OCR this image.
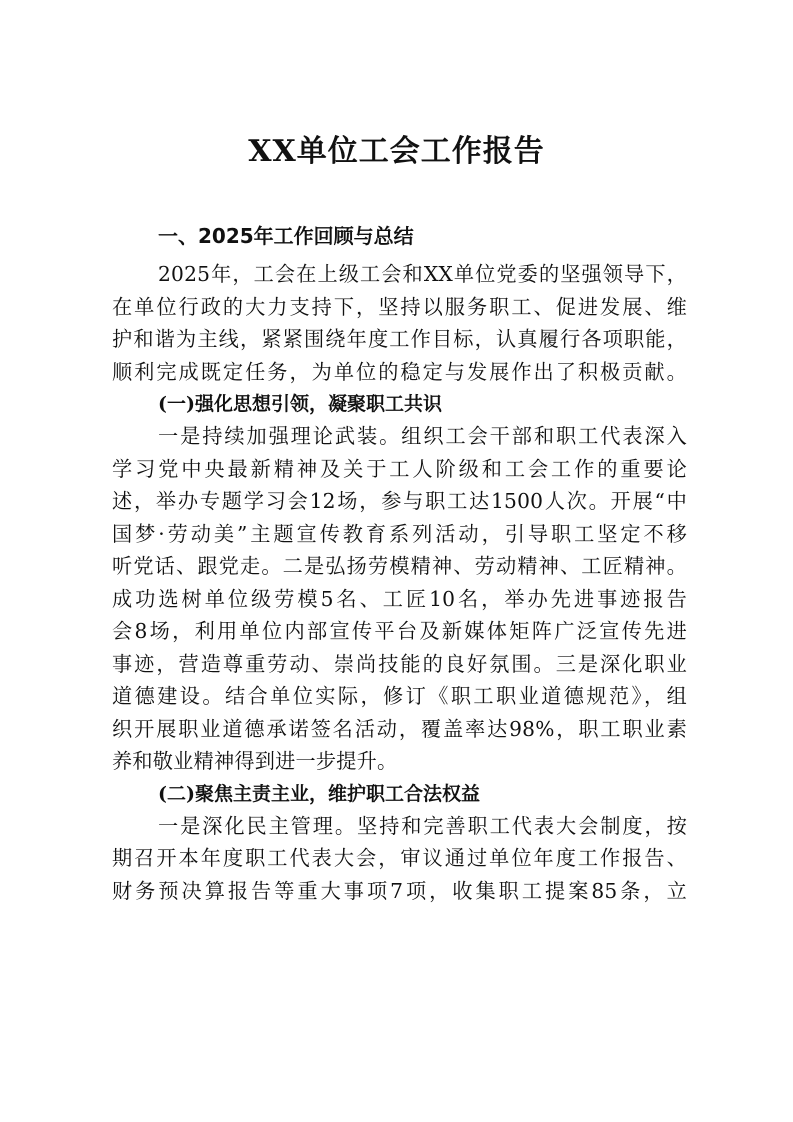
XX单位工会工作报告
一、2025年工作回顾与总结
2025年，工会在上级工会和XX单位党委的坚强领导下，
在单位行政的大力支持下，坚持以服务职工、促进发展、维
护和谐为主线，紧紧围绕年度工作目标，认真履行各项职能，
顺利完成既定任务，为单位的稳定与发展作出了积极贡献。
(一)强化思想引领，凝聚职工共识
一是持续加强理论武装。组织工会干部和职工代表深入
学习党中央最新精神及关于工人阶级和工会工作的重要论
述，举办专题学习会12场，参与职工达1500人次。开展“中
国梦·劳动美”主题宣传教育系列活动，引导职工坚定不移
听党话、跟党走。二是弘扬劳模精神、劳动精神、工匠精神。
成功选树单位级劳模5名、工匠10名，举办先进事迹报告
会8场，利用单位内部宣传平台及新媒体矩阵广泛宣传先进
事迹，营造尊重劳动、崇尚技能的良好氛围。三是深化职业
道德建设。结合单位实际，修订《职工职业道德规范》，组
织开展职业道德承诺签名活动，覆盖率达98%，职工职业素
养和敬业精神得到进一步提升。
(二)聚焦主责主业，维护职工合法权益
一是深化民主管理。坚持和完善职工代表大会制度，按
期召开本年度职工代表大会，审议通过单位年度工作报告、
财务预决算报告等重大事项7项，收集职工提案85条，立
